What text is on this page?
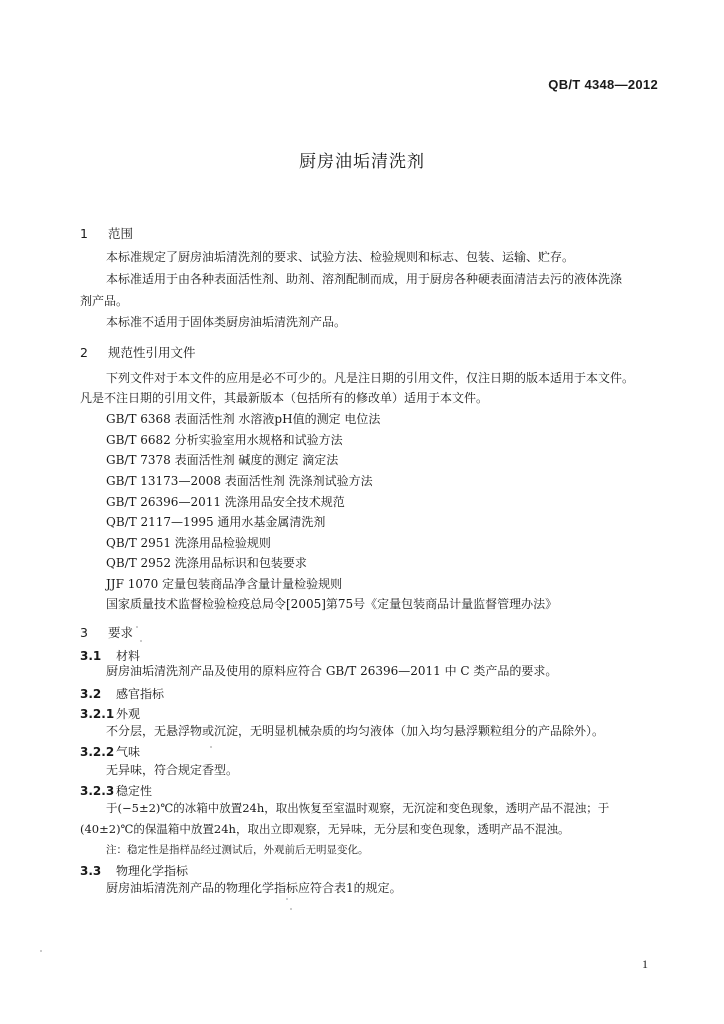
QB/T 4348—2012
厨房油垢清洗剂
1 范围
本标准规定了厨房油垢清洗剂的要求、试验方法、检验规则和标志、包装、运输、贮存。
本标准适用于由各种表面活性剂、助剂、溶剂配制而成，用于厨房各种硬表面清洁去污的液体洗涤
剂产品。
本标准不适用于固体类厨房油垢清洗剂产品。
2 规范性引用文件
下列文件对于本文件的应用是必不可少的。凡是注日期的引用文件，仅注日期的版本适用于本文件。
凡是不注日期的引用文件，其最新版本（包括所有的修改单）适用于本文件。
GB/T 6368 表面活性剂 水溶液pH值的测定 电位法
GB/T 6682 分析实验室用水规格和试验方法
GB/T 7378 表面活性剂 碱度的测定 滴定法
GB/T 13173—2008 表面活性剂 洗涤剂试验方法
GB/T 26396—2011 洗涤用品安全技术规范
QB/T 2117—1995 通用水基金属清洗剂
QB/T 2951 洗涤用品检验规则
QB/T 2952 洗涤用品标识和包装要求
JJF 1070 定量包装商品净含量计量检验规则
国家质量技术监督检验检疫总局令[2005]第75号《定量包装商品计量监督管理办法》
3 要求
3.1 材料
厨房油垢清洗剂产品及使用的原料应符合 GB/T 26396—2011 中 C 类产品的要求。
3.2 感官指标
3.2.1 外观
不分层，无悬浮物或沉淀，无明显机械杂质的均匀液体（加入均匀悬浮颗粒组分的产品除外）。
3.2.2 气味
无异味，符合规定香型。
3.2.3 稳定性
于(−5±2)℃的冰箱中放置24h，取出恢复至室温时观察，无沉淀和变色现象，透明产品不混浊；于
(40±2)℃的保温箱中放置24h，取出立即观察，无异味，无分层和变色现象，透明产品不混浊。
注：稳定性是指样品经过测试后，外观前后无明显变化。
3.3 物理化学指标
厨房油垢清洗剂产品的物理化学指标应符合表1的规定。
1
